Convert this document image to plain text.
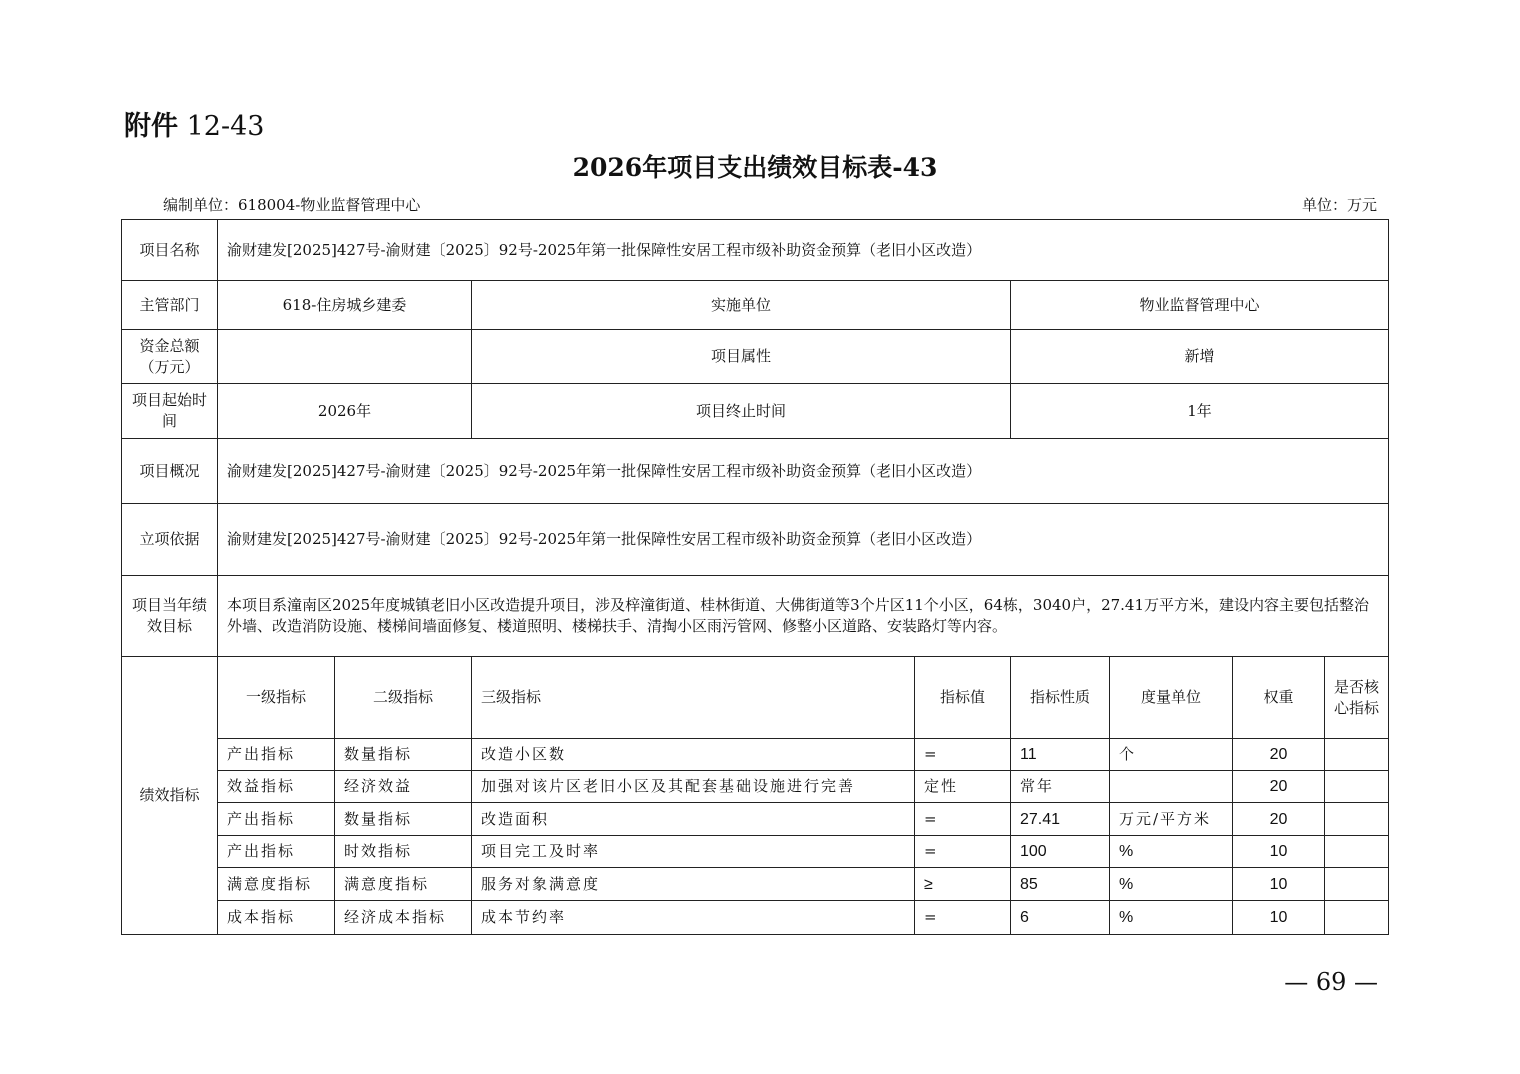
附件 12-43
2026年项目支出绩效目标表-43
编制单位：618004-物业监督管理中心	单位：万元
项目名称	渝财建发[2025]427号-渝财建〔2025〕92号-2025年第一批保障性安居工程市级补助资金预算（老旧小区改造）							
主管部门	618-住房城乡建委		实施单位		物业监督管理中心			
资金总额（万元）			项目属性		新增			
项目起始时间	2026年		项目终止时间		1年			
项目概况	渝财建发[2025]427号-渝财建〔2025〕92号-2025年第一批保障性安居工程市级补助资金预算（老旧小区改造）							
立项依据	渝财建发[2025]427号-渝财建〔2025〕92号-2025年第一批保障性安居工程市级补助资金预算（老旧小区改造）							
项目当年绩效目标	本项目系潼南区2025年度城镇老旧小区改造提升项目，涉及梓潼街道、桂林街道、大佛街道等3个片区11个小区，64栋，3040户，27.41万平方米，建设内容主要包括整治外墙、改造消防设施、楼梯间墙面修复、楼道照明、楼梯扶手、清掏小区雨污管网、修整小区道路、安装路灯等内容。							
绩效指标	一级指标	二级指标	三级指标	指标值	指标性质	度量单位	权重	是否核心指标
	产出指标	数量指标	改造小区数	=	11	个	20	
	效益指标	经济效益	加强对该片区老旧小区及其配套基础设施进行完善	定性	常年		20	
	产出指标	数量指标	改造面积	=	27.41	万元/平方米	20	
	产出指标	时效指标	项目完工及时率	=	100	%	10	
	满意度指标	满意度指标	服务对象满意度	≥	85	%	10	
	成本指标	经济成本指标	成本节约率	=	6	%	10	
— 69 —
